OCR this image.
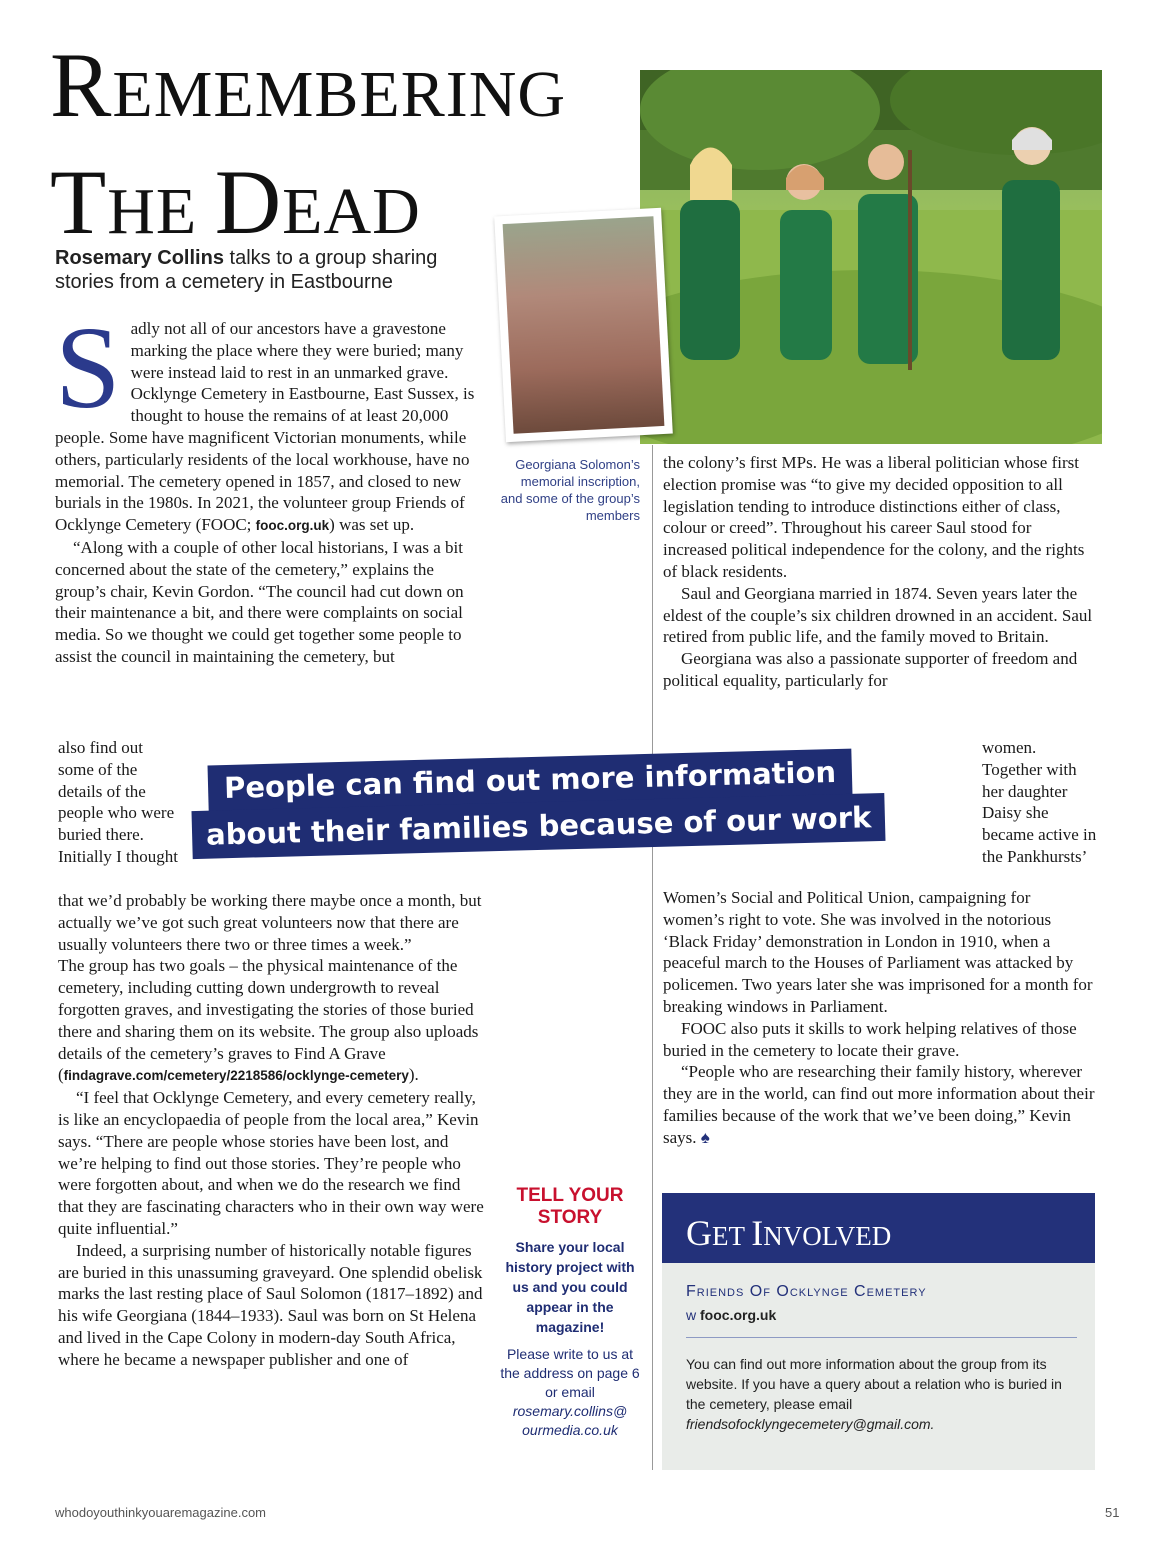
REMEMBERING
THE DEAD
Rosemary Collins talks to a group sharing stories from a cemetery in Eastbourne
Georgiana Solomon’s memorial inscription, and some of the group’s members

Sadly not all of our ancestors have a gravestone marking the place where they were buried; many were instead laid to rest in an unmarked grave. Ocklynge Cemetery in Eastbourne, East Sussex, is thought to house the remains of at least 20,000 people. Some have magnificent Victorian monuments, while others, particularly residents of the local workhouse, have no memorial. The cemetery opened in 1857, and closed to new burials in the 1980s. In 2021, the volunteer group Friends of Ocklynge Cemetery (FOOC; fooc.org.uk) was set up.

“Along with a couple of other local historians, I was a bit concerned about the state of the cemetery,” explains the group’s chair, Kevin Gordon. “The council had cut down on their maintenance a bit, and there were complaints on social media. So we thought we could get together some people to assist the council in maintaining the cemetery, but

also find out some of the details of the people who were buried there. Initially I thought

that we’d probably be working there maybe once a month, but actually we’ve got such great volunteers now that there are usually volunteers there two or three times a week.”

The group has two goals – the physical maintenance of the cemetery, including cutting down undergrowth to reveal forgotten graves, and investigating the stories of those buried there and sharing them on its website. The group also uploads details of the cemetery’s graves to Find A Grave (

findagrave.com/cemetery/2218586/ocklynge-cemetery).

“I feel that Ocklynge Cemetery, and every cemetery really, is like an encyclopaedia of people from the local area,” Kevin says. “There are people whose stories have been lost, and we’re helping to find out those stories. They’re people who were forgotten about, and when we do the research we find that they are fascinating characters who in their own way were quite influential.”

Indeed, a surprising number of historically notable figures are buried in this unassuming graveyard. One splendid obelisk marks the last resting place of Saul Solomon (1817–1892) and his wife Georgiana (1844–1933). Saul was born on St Helena and lived in the Cape Colony in modern-day South Africa, where he became a newspaper publisher and one of

the colony’s first MPs. He was a liberal politician whose first election promise was “to give my decided opposition to all legislation tending to introduce distinctions either of class, colour or creed”. Throughout his career Saul stood for increased political independence for the colony, and the rights of black residents.

Saul and Georgiana married in 1874. Seven years later the eldest of the couple’s six children drowned in an accident. Saul retired from public life, and the family moved to Britain.

Georgiana was also a passionate supporter of freedom and political equality, particularly for

women. Together with her daughter Daisy she became active in the Pankhursts’

Women’s Social and Political Union, campaigning for women’s right to vote. She was involved in the notorious ‘Black Friday’ demonstration in London in 1910, when a peaceful march to the Houses of Parliament was attacked by policemen. Two years later she was imprisoned for a month for breaking windows in Parliament.

FOOC also puts it skills to work helping relatives of those buried in the cemetery to locate their grave.

“People who are researching their family history, wherever they are in the world, can find out more information about their families because of the work that we’ve been doing,” Kevin says. ♠

People can find out more information
about their families because of our work
TELL YOUR STORY
Share your local history project with us and you could appear in the magazine!
Please write to us at the address on page 6 or email
rosemary.collins@ ourmedia.co.uk
GET INVOLVED
Friends Of Ocklynge Cemetery
w fooc.org.uk
You can find out more information about the group from its website. If you have a query about a relation who is buried in the cemetery, please email
friendsofocklyngecemetery@gmail.com.
whodoyouthinkyouaremagazine.com	51
